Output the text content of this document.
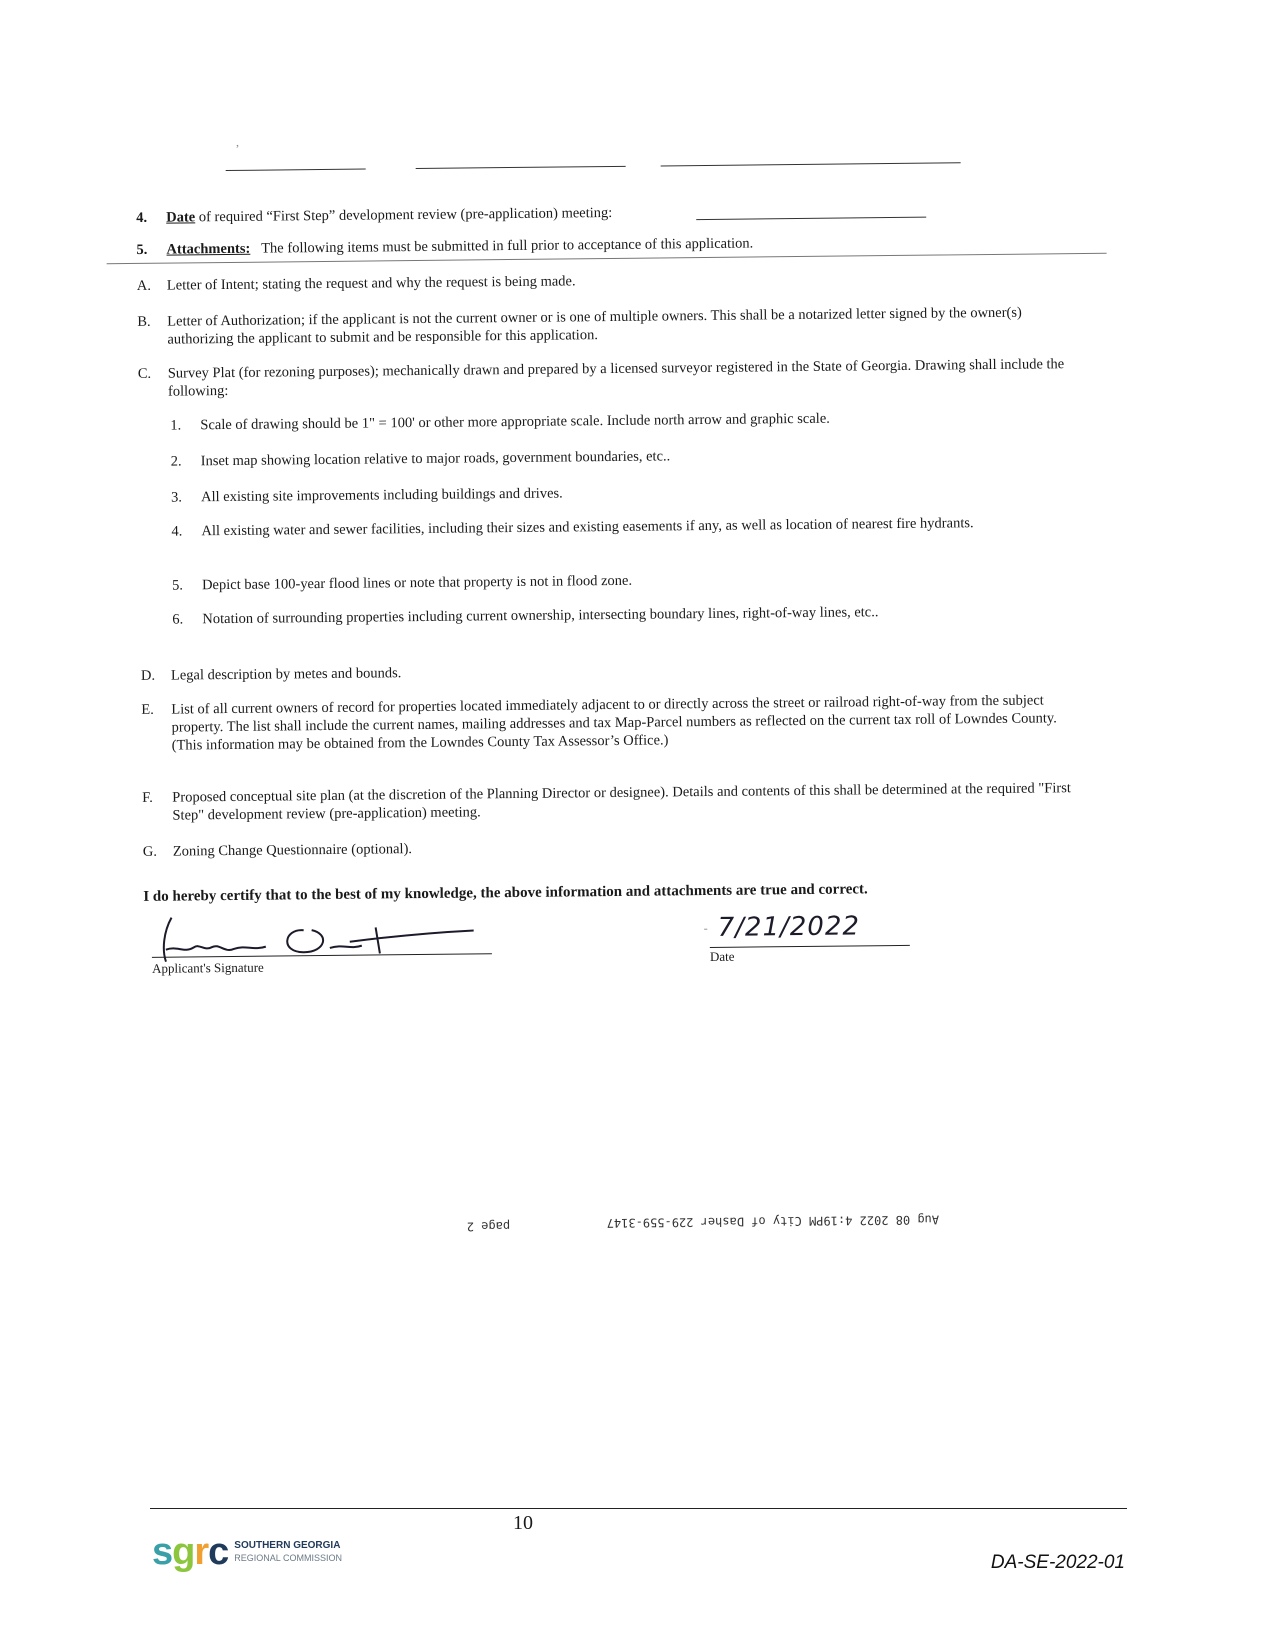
’
4.	Date of required “First Step” development review (pre-application) meeting:
5.	Attachments: The following items must be submitted in full prior to acceptance of this application.
A.	Letter of Intent; stating the request and why the request is being made.
B.	Letter of Authorization; if the applicant is not the current owner or is one of multiple owners. This shall be a notarized letter signed by the owner(s) authorizing the applicant to submit and be responsible for this application.
C.	Survey Plat (for rezoning purposes); mechanically drawn and prepared by a licensed surveyor registered in the State of Georgia. Drawing shall include the following:
1.	Scale of drawing should be 1" = 100' or other more appropriate scale. Include north arrow and graphic scale.
2.	Inset map showing location relative to major roads, government boundaries, etc..
3.	All existing site improvements including buildings and drives.
4.	All existing water and sewer facilities, including their sizes and existing easements if any, as well as location of nearest fire hydrants.
5.	Depict base 100-year flood lines or note that property is not in flood zone.
6.	Notation of surrounding properties including current ownership, intersecting boundary lines, right-of-way lines, etc..
D.	Legal description by metes and bounds.
E.	List of all current owners of record for properties located immediately adjacent to or directly across the street or railroad right-of-way from the subject property. The list shall include the current names, mailing addresses and tax Map-Parcel numbers as reflected on the current tax roll of Lowndes County. (This information may be obtained from the Lowndes County Tax Assessor’s Office.)
F.	Proposed conceptual site plan (at the discretion of the Planning Director or designee). Details and contents of this shall be determined at the required "First Step" development review (pre-application) meeting.
G.	Zoning Change Questionnaire (optional).
I do hereby certify that to the best of my knowledge, the above information and attachments are true and correct.
Applicant's Signature
- 7/21/2022
Date
Aug 08 2022 4:19PM City of Dasher 229-559-3147
page 2
10
sgrc SOUTHERN GEORGIA
REGIONAL COMMISSION	DA-SE-2022-01
